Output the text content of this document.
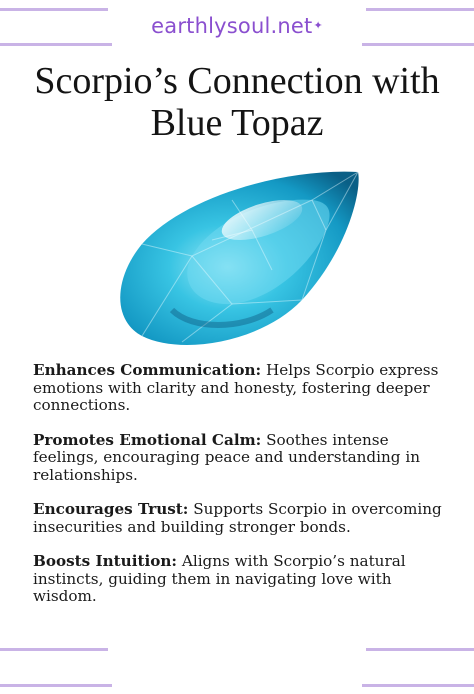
earthlysoul.net✦
Scorpio’s Connection with Blue Topaz

Enhances Communication: Helps Scorpio express emotions with clarity and honesty, fostering deeper connections.

Promotes Emotional Calm: Soothes intense feelings, encouraging peace and understanding in relationships.

Encourages Trust: Supports Scorpio in overcoming insecurities and building stronger bonds.

Boosts Intuition: Aligns with Scorpio’s natural instincts, guiding them in navigating love with wisdom.
